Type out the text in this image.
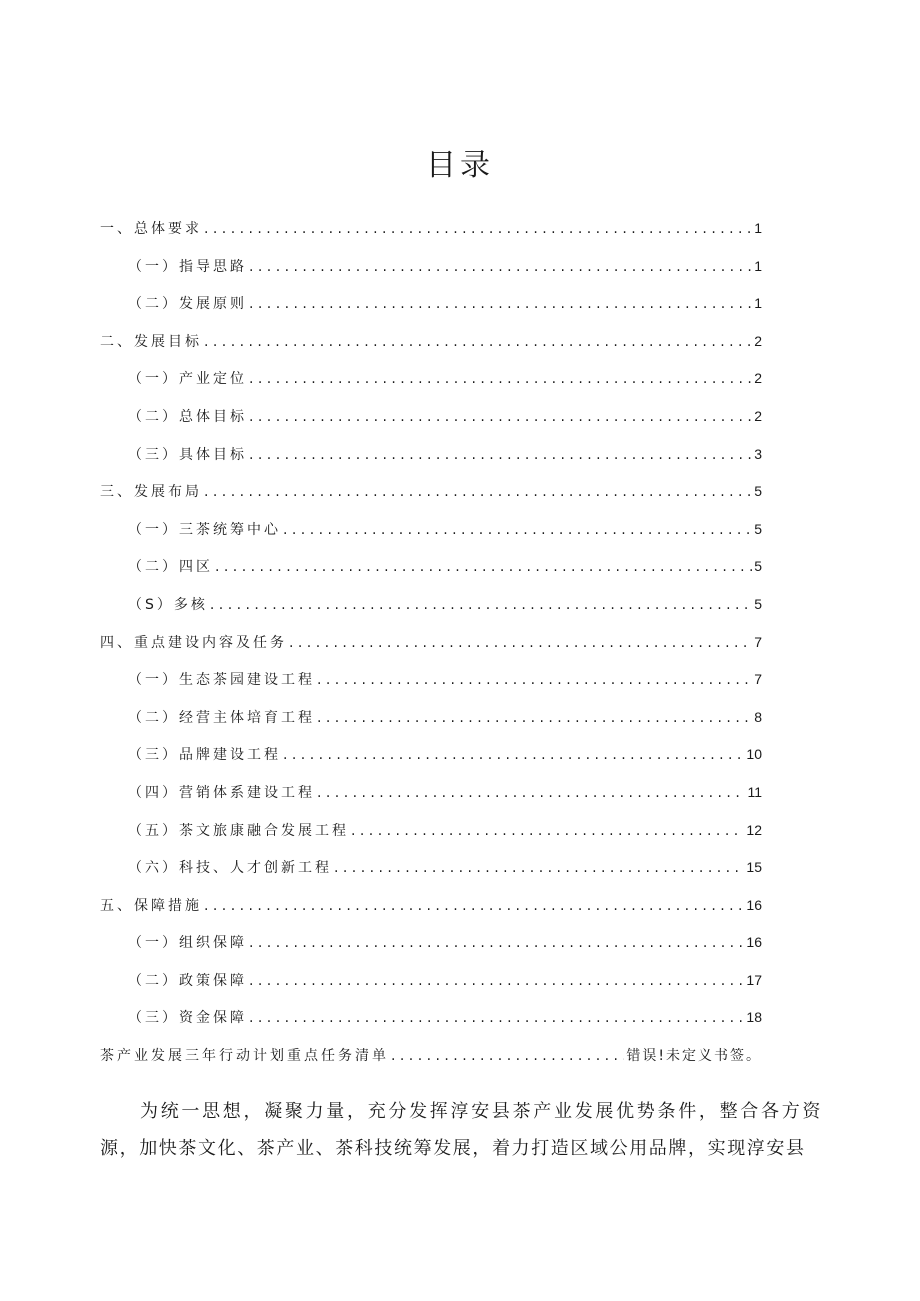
目录
一、总体要求 . . .	1
（一）指导思路 . . .	1
（二）发展原则 . . .	1
二、发展目标 . . .	2
（一）产业定位 . . .	2
（二）总体目标 . . .	2
（三）具体目标 . . .	3
三、发展布局 . . .	5
（一）三茶统筹中心 . . .	5
（二）四区 . . .	5
（S）多核 . . .	5
四、重点建设内容及任务 . . .	7
（一）生态茶园建设工程 . . .	7
（二）经营主体培育工程 . . .	8
（三）品牌建设工程 . . .	10
（四）营销体系建设工程 . . .	11
（五）茶文旅康融合发展工程 . . .	12
（六）科技、人才创新工程 . . .	15
五、保障措施 . . .	16
（一）组织保障 . . .	16
（二）政策保障 . . .	17
（三）资金保障 . . .	18
茶产业发展三年行动计划重点任务清单 . . .	错误!未定义书签。

为统一思想，凝聚力量，充分发挥淳安县茶产业发展优势条件，整合各方资源，加快茶文化、茶产业、茶科技统筹发展，着力打造区域公用品牌，实现淳安县
